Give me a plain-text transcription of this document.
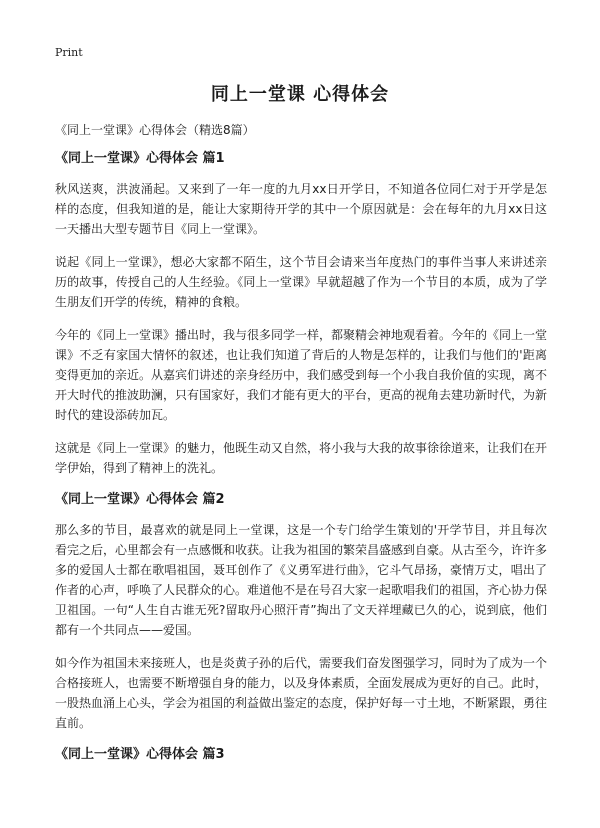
Print
同上一堂课 心得体会
《同上一堂课》心得体会（精选8篇）
《同上一堂课》心得体会 篇1

秋风送爽，洪波涌起。又来到了一年一度的九月xx日开学日，不知道各位同仁对于开学是怎样的态度，但我知道的是，能让大家期待开学的其中一个原因就是：会在每年的九月xx日这一天播出大型专题节目《同上一堂课》。

说起《同上一堂课》，想必大家都不陌生，这个节目会请来当年度热门的事件当事人来讲述亲历的故事，传授自己的人生经验。《同上一堂课》早就超越了作为一个节目的本质，成为了学生朋友们开学的传统，精神的食粮。

今年的《同上一堂课》播出时，我与很多同学一样，都聚精会神地观看着。今年的《同上一堂课》不乏有家国大情怀的叙述，也让我们知道了背后的人物是怎样的，让我们与他们的'距离变得更加的亲近。从嘉宾们讲述的亲身经历中，我们感受到每一个小我自我价值的实现，离不开大时代的推波助澜，只有国家好，我们才能有更大的平台，更高的视角去建功新时代，为新时代的建设添砖加瓦。

这就是《同上一堂课》的魅力，他既生动又自然，将小我与大我的故事徐徐道来，让我们在开学伊始，得到了精神上的洗礼。

《同上一堂课》心得体会 篇2

那么多的节目，最喜欢的就是同上一堂课，这是一个专门给学生策划的'开学节目，并且每次看完之后，心里都会有一点感慨和收获。让我为祖国的繁荣昌盛感到自豪。从古至今，许许多多的爱国人士都在歌唱祖国，聂耳创作了《义勇军进行曲》，它斗气昂扬，豪情万丈，唱出了作者的心声，呼唤了人民群众的心。难道他不是在号召大家一起歌唱我们的祖国，齐心协力保卫祖国。一句“人生自古谁无死?留取丹心照汗青”掏出了文天祥埋藏已久的心，说到底，他们都有一个共同点——爱国。

如今作为祖国未来接班人，也是炎黄子孙的后代，需要我们奋发图强学习，同时为了成为一个合格接班人，也需要不断增强自身的能力，以及身体素质，全面发展成为更好的自己。此时，一股热血涌上心头，学会为祖国的利益做出鉴定的态度，保护好每一寸土地，不断紧跟，勇往直前。

《同上一堂课》心得体会 篇3
